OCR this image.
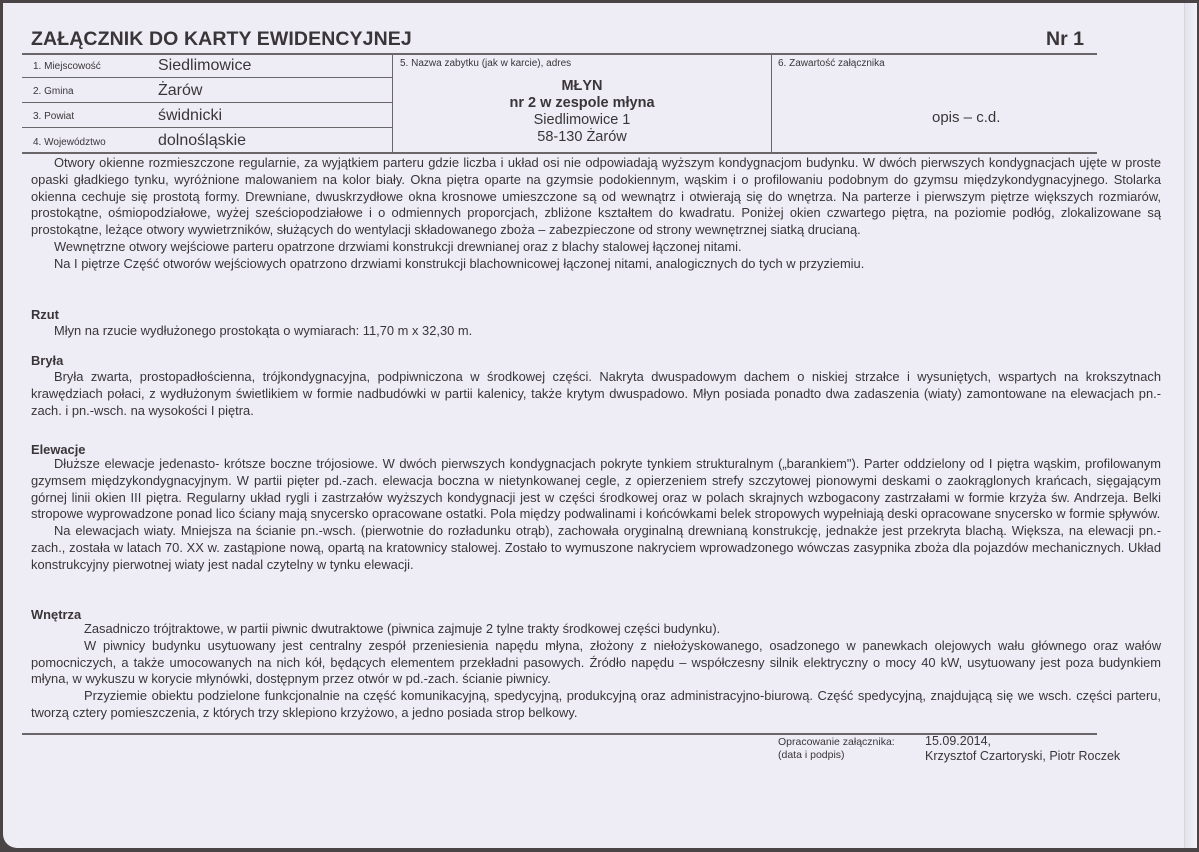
ZAŁĄCZNIK DO KARTY EWIDENCYJNEJ	Nr 1
1. Miejscowość	Siedlimowice
2. Gmina	Żarów
3. Powiat	świdnicki
4. Województwo	dolnośląskie
5. Nazwa zabytku (jak w karcie), adres
MŁYN
nr 2 w zespole młyna
Siedlimowice 1
58-130 Żarów
6. Zawartość załącznika
opis – c.d.

Otwory okienne rozmieszczone regularnie, za wyjątkiem parteru gdzie liczba i układ osi nie odpowiadają wyższym kondygnacjom budynku. W dwóch pierwszych kondygnacjach ujęte w proste opaski gładkiego tynku, wyróżnione malowaniem na kolor biały. Okna piętra oparte na gzymsie podokiennym, wąskim i o profilowaniu podobnym do gzymsu międzykondygnacyjnego. Stolarka okienna cechuje się prostotą formy. Drewniane, dwuskrzydłowe okna krosnowe umieszczone są od wewnątrz i otwierają się do wnętrza. Na parterze i pierwszym piętrze większych rozmiarów, prostokątne, ośmiopodziałowe, wyżej sześciopodziałowe i o odmiennych proporcjach, zbliżone kształtem do kwadratu. Poniżej okien czwartego piętra, na poziomie podłóg, zlokalizowane są prostokątne, leżące otwory wywietrzników, służących do wentylacji składowanego zboża – zabezpieczone od strony wewnętrznej siatką drucianą.

Wewnętrzne otwory wejściowe parteru opatrzone drzwiami konstrukcji drewnianej oraz z blachy stalowej łączonej nitami.

Na I piętrze Część otworów wejściowych opatrzono drzwiami konstrukcji blachownicowej łączonej nitami, analogicznych do tych w przyziemiu.

Rzut

Młyn na rzucie wydłużonego prostokąta o wymiarach: 11,70 m x 32,30 m.

Bryła

Bryła zwarta, prostopadłościenna, trójkondygnacyjna, podpiwniczona w środkowej części. Nakryta dwuspadowym dachem o niskiej strzałce i wysuniętych, wspartych na krokszytnach krawędziach połaci, z wydłużonym świetlikiem w formie nadbudówki w partii kalenicy, także krytym dwuspadowo. Młyn posiada ponadto dwa zadaszenia (wiaty) zamontowane na elewacjach pn.-zach. i pn.-wsch. na wysokości I piętra.

Elewacje

Dłuższe elewacje jedenasto- krótsze boczne trójosiowe. W dwóch pierwszych kondygnacjach pokryte tynkiem strukturalnym („barankiem"). Parter oddzielony od I piętra wąskim, profilowanym gzymsem międzykondygnacyjnym. W partii pięter pd.-zach. elewacja boczna w nietynkowanej cegle, z opierzeniem strefy szczytowej pionowymi deskami o zaokrąglonych krańcach, sięgającym górnej linii okien III piętra. Regularny układ rygli i zastrzałów wyższych kondygnacji jest w części środkowej oraz w polach skrajnych wzbogacony zastrzałami w formie krzyża św. Andrzeja. Belki stropowe wyprowadzone ponad lico ściany mają snycersko opracowane ostatki. Pola między podwalinami i końcówkami belek stropowych wypełniają deski opracowane snycersko w formie spływów.

Na elewacjach wiaty. Mniejsza na ścianie pn.-wsch. (pierwotnie do rozładunku otrąb), zachowała oryginalną drewnianą konstrukcję, jednakże jest przekryta blachą. Większa, na elewacji pn.-zach., została w latach 70. XX w. zastąpione nową, opartą na kratownicy stalowej. Zostało to wymuszone nakryciem wprowadzonego wówczas zasypnika zboża dla pojazdów mechanicznych. Układ konstrukcyjny pierwotnej wiaty jest nadal czytelny w tynku elewacji.

Wnętrza

Zasadniczo trójtraktowe, w partii piwnic dwutraktowe (piwnica zajmuje 2 tylne trakty środkowej części budynku).

W piwnicy budynku usytuowany jest centralny zespół przeniesienia napędu młyna, złożony z niełożyskowanego, osadzonego w panewkach olejowych wału głównego oraz wałów pomocniczych, a także umocowanych na nich kół, będących elementem przekładni pasowych. Źródło napędu – współczesny silnik elektryczny o mocy 40 kW, usytuowany jest poza budynkiem młyna, w wykuszu w korycie młynówki, dostępnym przez otwór w pd.-zach. ścianie piwnicy.

Przyziemie obiektu podzielone funkcjonalnie na część komunikacyjną, spedycyjną, produkcyjną oraz administracyjno-biurową. Część spedycyjną, znajdującą się we wsch. części parteru, tworzą cztery pomieszczenia, z których trzy sklepiono krzyżowo, a jedno posiada strop belkowy.

Opracowanie załącznika:
(data i podpis)
15.09.2014,
Krzysztof Czartoryski, Piotr Roczek
